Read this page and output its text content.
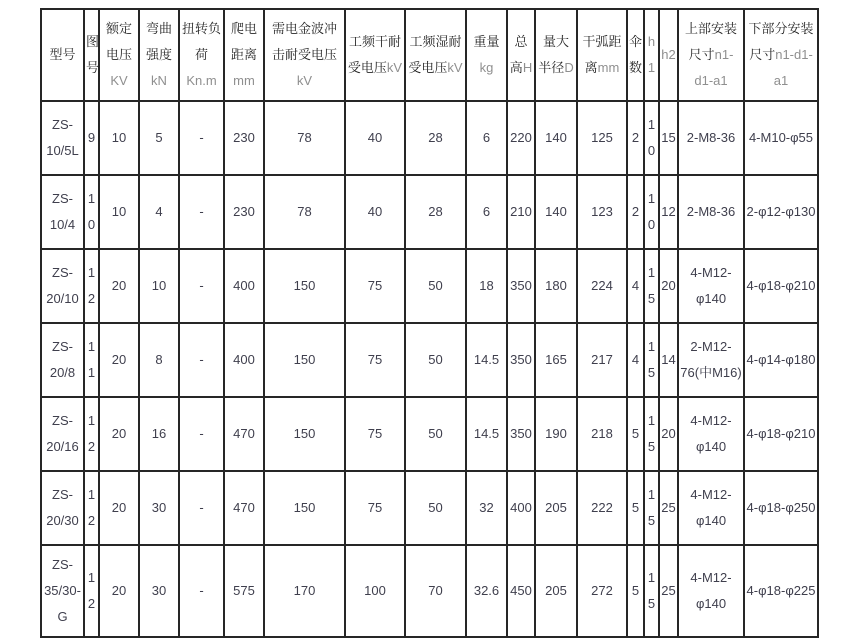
型号	图号	额定电压KV	弯曲强度kN	扭转负荷Kn.m	爬电距离mm	需电金波冲击耐受电压kV	工频干耐受电压kV	工频湿耐受电压kV	重量kg	总高H	量大半径D	干弧距离mm	伞数	h1	h2	上部安装尺寸n1-d1-a1	下部分安装尺寸n1-d1-a1
ZS-10/5L	9	10	5	-	230	78	40	28	6	220	140	125	2	10	15	2-M8-36	4-M10-φ55
ZS-10/4	10	10	4	-	230	78	40	28	6	210	140	123	2	10	12	2-M8-36	2-φ12-φ130
ZS-20/10	12	20	10	-	400	150	75	50	18	350	180	224	4	15	20	4-M12-φ140	4-φ18-φ210
ZS-20/8	11	20	8	-	400	150	75	50	14.5	350	165	217	4	15	14	2-M12-76(中M16)	4-φ14-φ180
ZS-20/16	12	20	16	-	470	150	75	50	14.5	350	190	218	5	15	20	4-M12-φ140	4-φ18-φ210
ZS-20/30	12	20	30	-	470	150	75	50	32	400	205	222	5	15	25	4-M12-φ140	4-φ18-φ250
ZS-35/30-G	12	20	30	-	575	170	100	70	32.6	450	205	272	5	15	25	4-M12-φ140	4-φ18-φ225
